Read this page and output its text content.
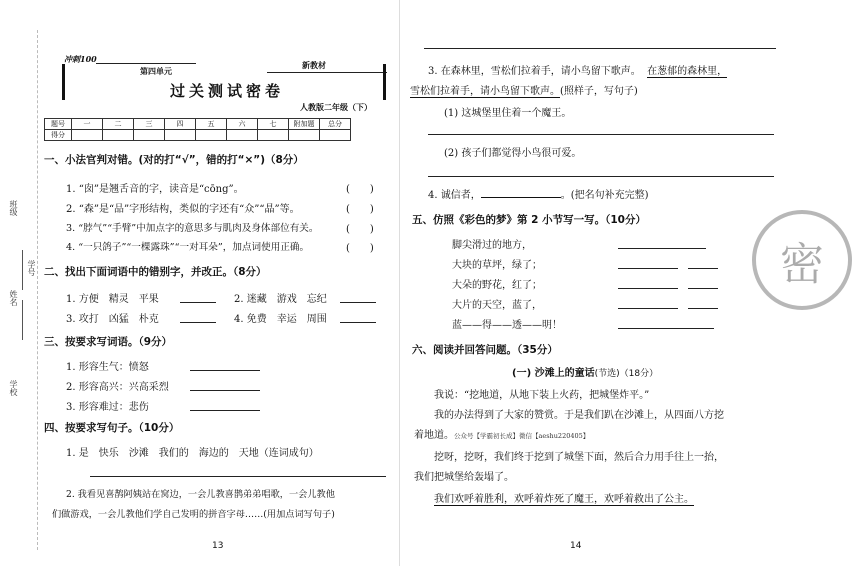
班级
姓名
学校
学号
冲刺100
第四单元
新教材
过关测试密卷
人教版二年级（下）
题号	一	二	三	四	五	六	七	附加题	总分
得分									
一、小法官判对错。(对的打“√”，错的打“×”)（8分）
1. “囱”是翘舌音的字，读音是“cōng”。	(　　)
2. “森”是“品”字形结构，类似的字还有“众”“晶”等。	(　　)
3. “脖气”“手臂”中加点字的意思多与肌肉及身体部位有关。	(　　)
4. “一只鸽子”“一棵露珠”“一对耳朵”，加点词使用正确。	(　　)
二、找出下面词语中的错别字，并改正。（8分）
1. 方便　精灵　平果	2. 迷藏　游戏　忘纪
3. 攻打　凶猛　朴克	4. 免费　幸运　周围
三、按要求写词语。（9分）
1. 形容生气：愤怒
2. 形容高兴：兴高采烈
3. 形容难过：悲伤
四、按要求写句子。（10分）
1. 是　快乐　沙滩　我们的　海边的　天地（连词成句）
2. 我看见喜鹊阿姨站在窝边，一会儿教喜鹊弟弟唱歌，一会儿教他
们做游戏，一会儿教他们学自己发明的拼音字母……(用加点词写句子)
13
3. 在森林里，雪松们拉着手，请小鸟留下歌声。 在葱郁的森林里，
雪松们拉着手，请小鸟留下歌声。(照样子，写句子)
(1) 这城堡里住着一个魔王。
(2) 孩子们都觉得小鸟很可爱。
4. 诚信者，	。(把名句补充完整)
五、仿照《彩色的梦》第 2 小节写一写。（10分）
脚尖滑过的地方，
大块的草坪，绿了；
大朵的野花，红了；
大片的天空，蓝了，
蓝——得——透——明！
六、阅读并回答问题。（35分）
(一) 沙滩上的童话(节选)（18分）
我说：“挖地道，从地下装上火药，把城堡炸平。”
我的办法得到了大家的赞赏。于是我们趴在沙滩上，从四面八方挖
着地道。公众号【学霸初长成】微信【aeshu220405】
挖呀，挖呀，我们终于挖到了城堡下面，然后合力用手往上一抬，
我们把城堡给轰塌了。
我们欢呼着胜利，欢呼着炸死了魔王，欢呼着救出了公主。
14
密
